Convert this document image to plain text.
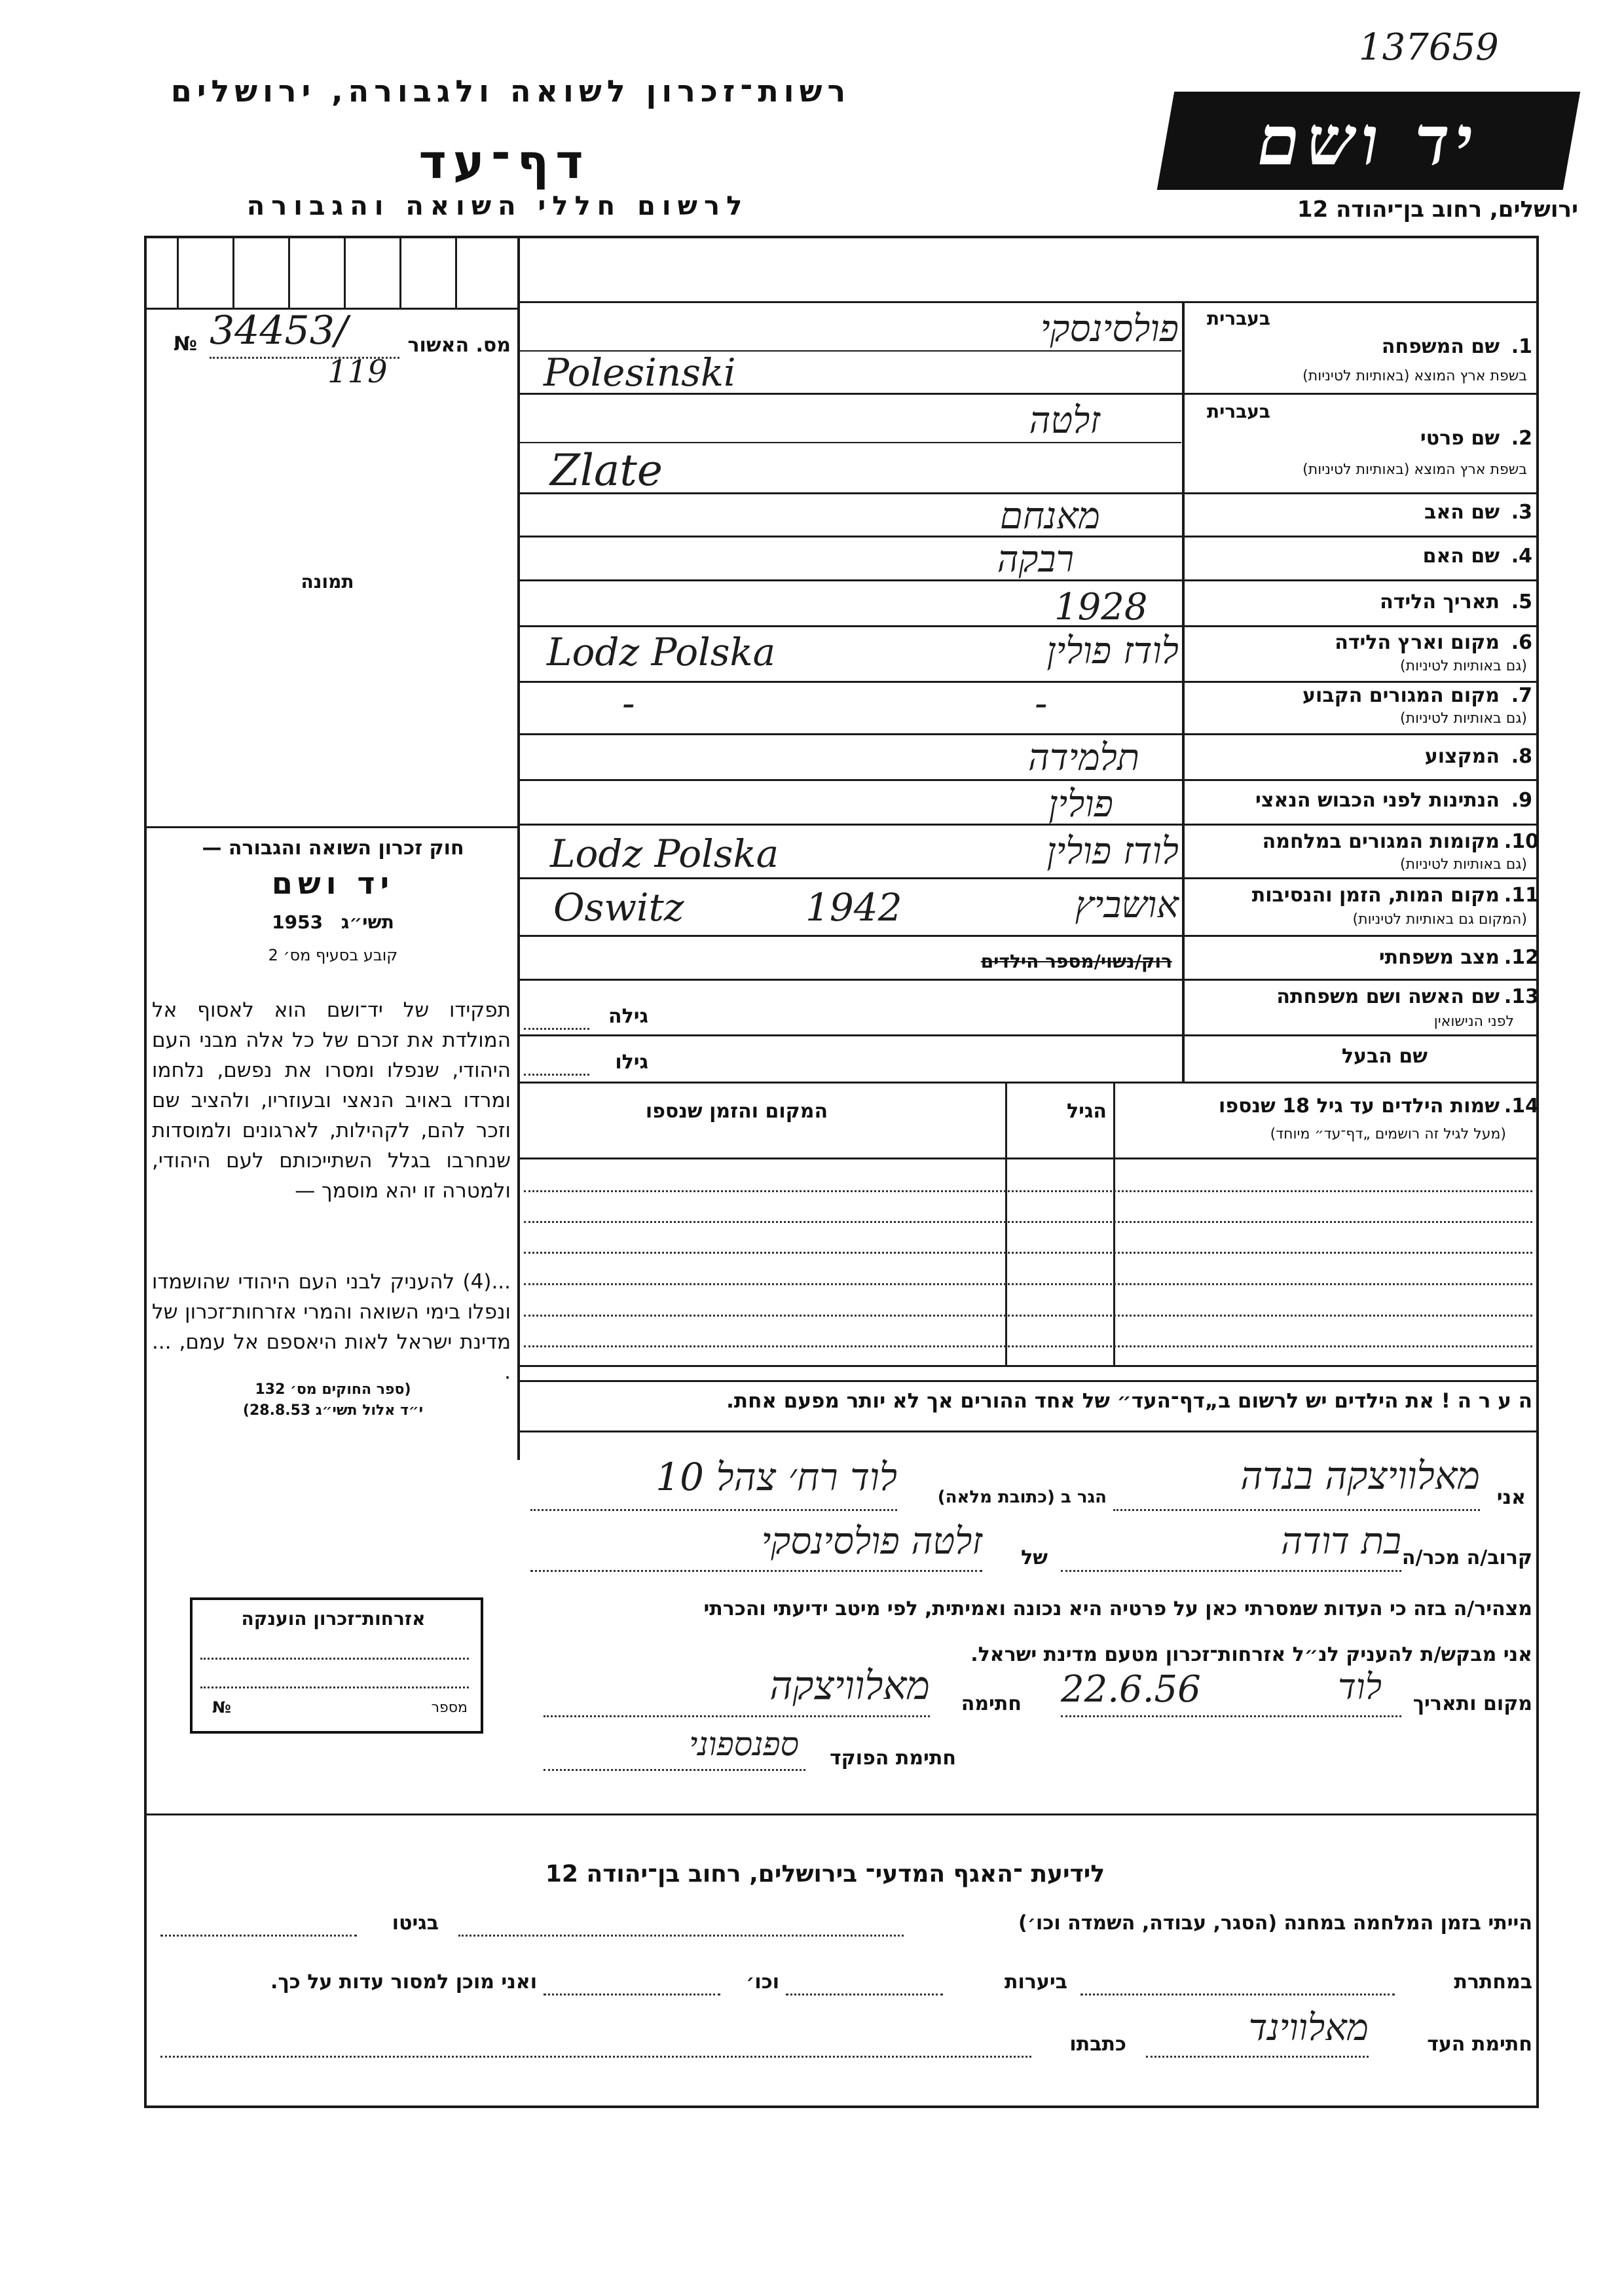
137659
רשות־זכרון לשואה ולגבורה, ירושלים
דף־עד
לרשום חללי השואה והגבורה
יד ושם
ירושלים, רחוב בן־יהודה 12
מס. האשור
№ 34453/
119
תמונה
חוק זכרון השואה והגבורה —
יד ושם
תשי״ג 1953
קובע בסעיף מס׳ 2
תפקידו של יד־ושם הוא לאסוף אל המולדת את זכרם של כל אלה מבני העם היהודי, שנפלו ומסרו את נפשם, נלחמו ומרדו באויב הנאצי ובעוזריו, ולהציב שם וזכר להם, לקהילות, לארגונים ולמוסדות שנחרבו בגלל השתייכותם לעם היהודי, ולמטרה זו יהא מוסמך —
...(4) להעניק לבני העם היהודי שהושמדו ונפלו בימי השואה והמרי אזרחות־זכרון של מדינת ישראל לאות היאספם אל עמם, ... .
(ספר החוקים מס׳ 132
י״ד אלול תשי״ג 28.8.53)
אזרחות־זכרון הוענקה
מספר
№
בעברית
1.
שם המשפחה
בשפת ארץ המוצא (באותיות לטיניות)
פולסינסקי
Polesinski
בעברית
2.
שם פרטי
בשפת ארץ המוצא (באותיות לטיניות)
זלטה
Zlate
3.
שם האב
מאנחם
4.
שם האם
רבקה
5.
תאריך הלידה
1928
6.
מקום וארץ הלידה
(גם באותיות לטיניות)
לודז פולין
Lodz Polska
7.
מקום המגורים הקבוע
(גם באותיות לטיניות)
-
-
8.
המקצוע
תלמידה
9.
הנתינות לפני הכבוש הנאצי
פולין
10.
מקומות המגורים במלחמה
(גם באותיות לטיניות)
לודז פולין
Lodz Polska
11.
מקום המות, הזמן והנסיבות
(המקום גם באותיות לטיניות)
אושביץ
1942
Oswitz
12.
מצב משפחתי
רוק/נשוי/מספר הילדים
13.
שם האשה ושם משפחתה
לפני הנישואין
גילה
שם הבעל
גילו
14.
שמות הילדים עד גיל 18 שנספו
(מעל לגיל זה רושמים „דף־עד״ מיוחד)
הגיל
המקום והזמן שנספו
ה ע ר ה ! את הילדים יש לרשום ב„דף־העד״ של אחד ההורים אך לא יותר מפעם אחת.
אני
מאלוויצקה בנדה
הגר ב (כתובת מלאה)
לוד רח׳ צהל 10
קרוב/ה מכר/ה
בת דודה
של
זלטה פולסינסקי
מצהיר/ה בזה כי העדות שמסרתי כאן על פרטיה היא נכונה ואמיתית, לפי מיטב ידיעתי והכרתי
אני מבקש/ת להעניק לנ״ל אזרחות־זכרון מטעם מדינת ישראל.
מקום ותאריך
לוד
22.6.56
חתימה
מאלוויצקה
חתימת הפוקד
ספנספוני
לידיעת ־האגף המדעי־ בירושלים, רחוב בן־יהודה 12
הייתי בזמן המלחמה במחנה (הסגר, עבודה, השמדה וכו׳)
בגיטו
במחתרת
ביערות
וכו׳
ואני מוכן למסור עדות על כך.
חתימת העד
מאלווינד
כתבתו
